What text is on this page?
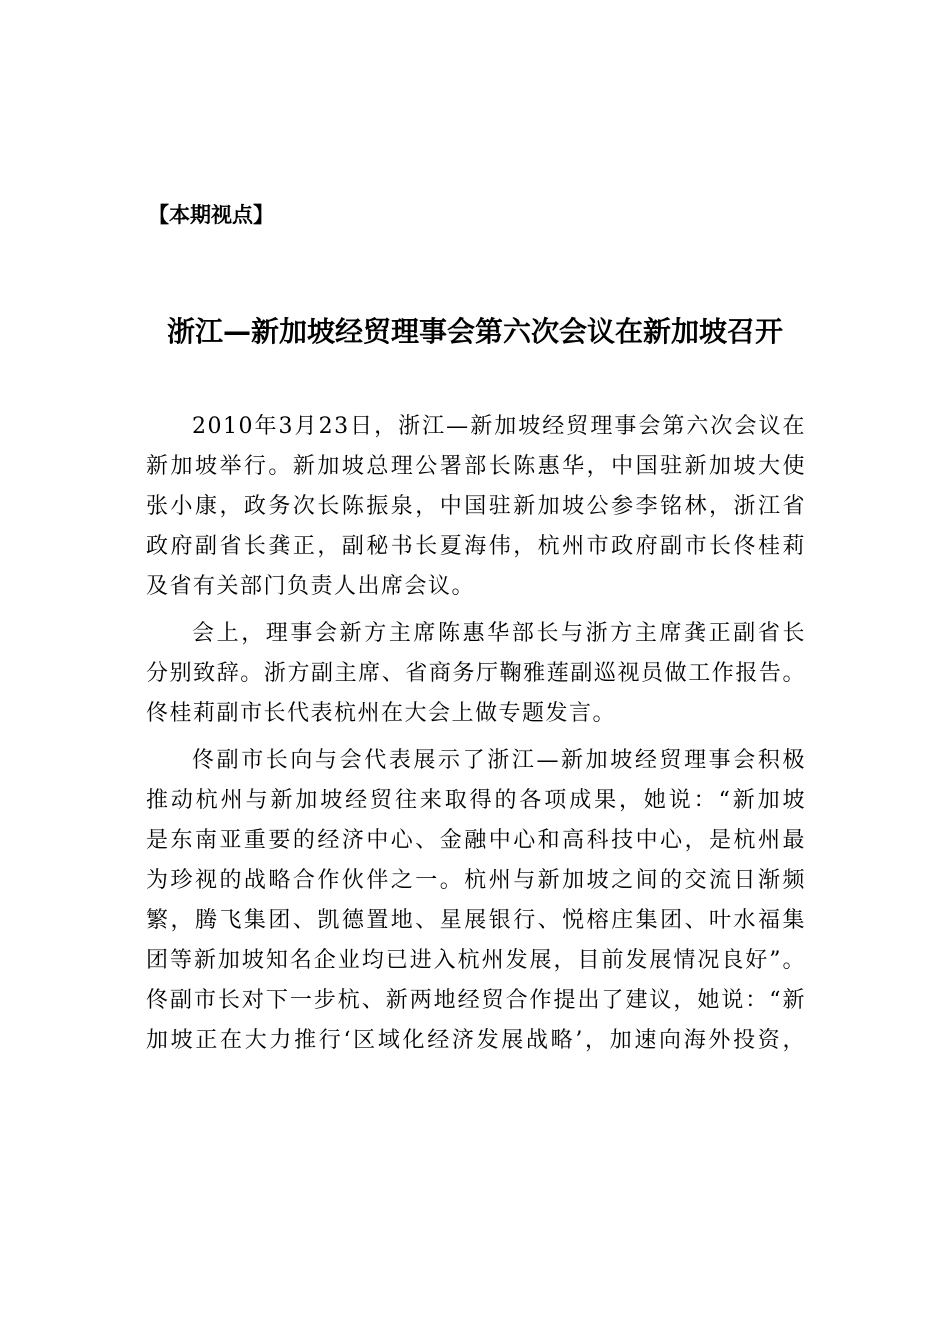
【本期视点】
浙江—新加坡经贸理事会第六次会议在新加坡召开
2010年3月23日，浙江—新加坡经贸理事会第六次会议在
新加坡举行。新加坡总理公署部长陈惠华，中国驻新加坡大使
张小康，政务次长陈振泉，中国驻新加坡公参李铭林，浙江省
政府副省长龚正，副秘书长夏海伟，杭州市政府副市长佟桂莉
及省有关部门负责人出席会议。
会上，理事会新方主席陈惠华部长与浙方主席龚正副省长
分别致辞。浙方副主席、省商务厅鞠雅莲副巡视员做工作报告。
佟桂莉副市长代表杭州在大会上做专题发言。
佟副市长向与会代表展示了浙江—新加坡经贸理事会积极
推动杭州与新加坡经贸往来取得的各项成果，她说：“新加坡
是东南亚重要的经济中心、金融中心和高科技中心，是杭州最
为珍视的战略合作伙伴之一。杭州与新加坡之间的交流日渐频
繁，腾飞集团、凯德置地、星展银行、悦榕庄集团、叶水福集
团等新加坡知名企业均已进入杭州发展，目前发展情况良好”。
佟副市长对下一步杭、新两地经贸合作提出了建议，她说：“新
加坡正在大力推行‘区域化经济发展战略’，加速向海外投资，
